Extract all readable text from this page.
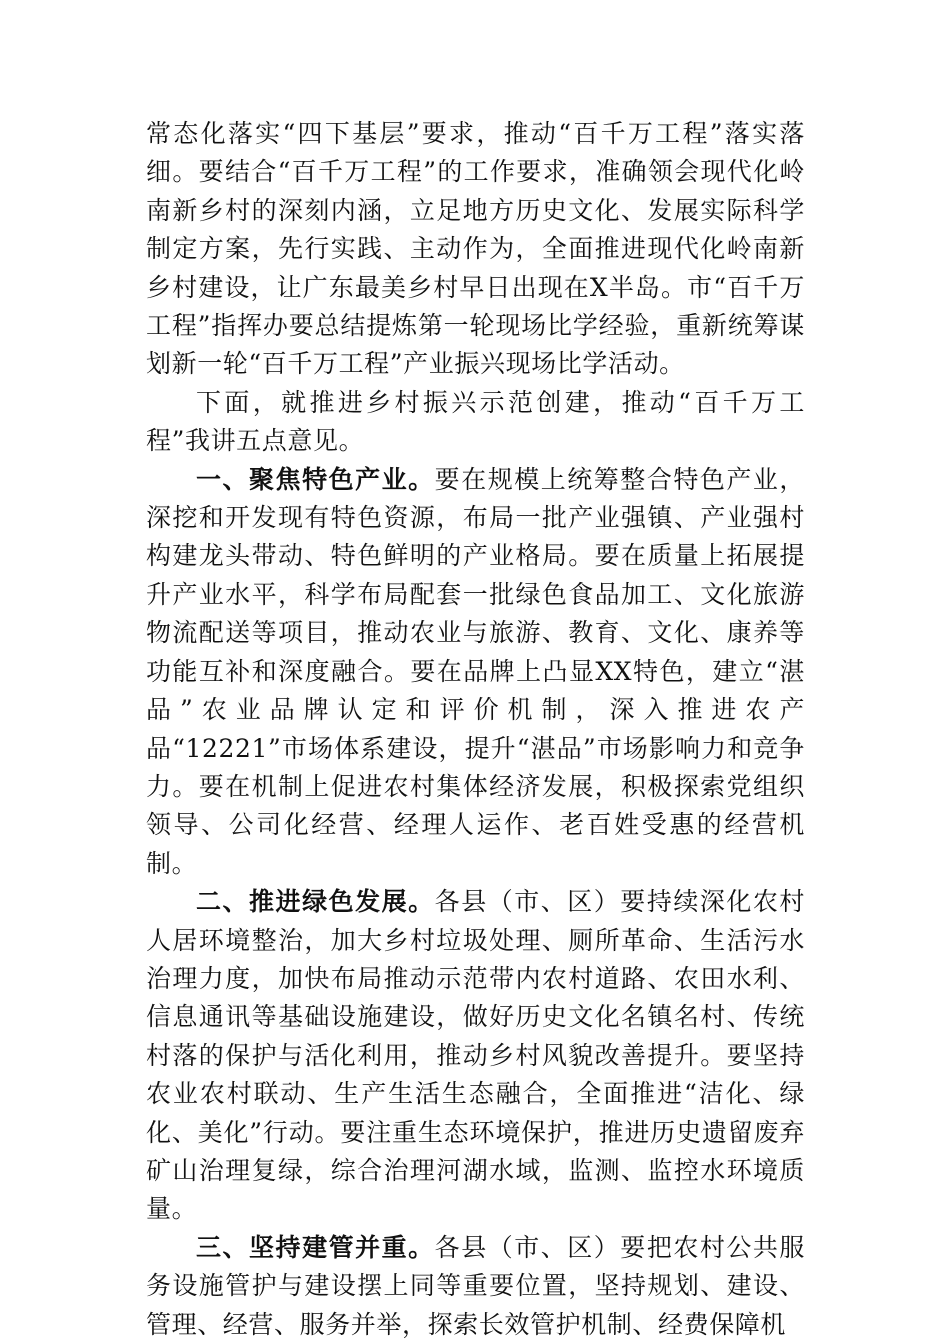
常态化落实“四下基层”要求，推动“百千万工程”落实落细。要结合“百千万工程”的工作要求，准确领会现代化岭南新乡村的深刻内涵，立足地方历史文化、发展实际科学制定方案，先行实践、主动作为，全面推进现代化岭南新乡村建设，让广东最美乡村早日出现在X半岛。市“百千万工程”指挥办要总结提炼第一轮现场比学经验，重新统筹谋划新一轮“百千万工程”产业振兴现场比学活动。

下面，就推进乡村振兴示范创建，推动“百千万工程”我讲五点意见。

一、聚焦特色产业。要在规模上统筹整合特色产业，深挖和开发现有特色资源，布局一批产业强镇、产业强村构建龙头带动、特色鲜明的产业格局。要在质量上拓展提升产业水平，科学布局配套一批绿色食品加工、文化旅游物流配送等项目，推动农业与旅游、教育、文化、康养等功能互补和深度融合。要在品牌上凸显XX特色，建立“湛品”农业品牌认定和评价机制，深入推进农产品“12221”市场体系建设，提升“湛品”市场影响力和竞争力。要在机制上促进农村集体经济发展，积极探索党组织领导、公司化经营、经理人运作、老百姓受惠的经营机制。

二、推进绿色发展。各县（市、区）要持续深化农村人居环境整治，加大乡村垃圾处理、厕所革命、生活污水治理力度，加快布局推动示范带内农村道路、农田水利、信息通讯等基础设施建设，做好历史文化名镇名村、传统村落的保护与活化利用，推动乡村风貌改善提升。要坚持农业农村联动、生产生活生态融合，全面推进“洁化、绿化、美化”行动。要注重生态环境保护，推进历史遗留废弃矿山治理复绿，综合治理河湖水域，监测、监控水环境质量。

三、坚持建管并重。各县（市、区）要把农村公共服务设施管护与建设摆上同等重要位置，坚持规划、建设、管理、经营、服务并举，探索长效管护机制、经费保障机
